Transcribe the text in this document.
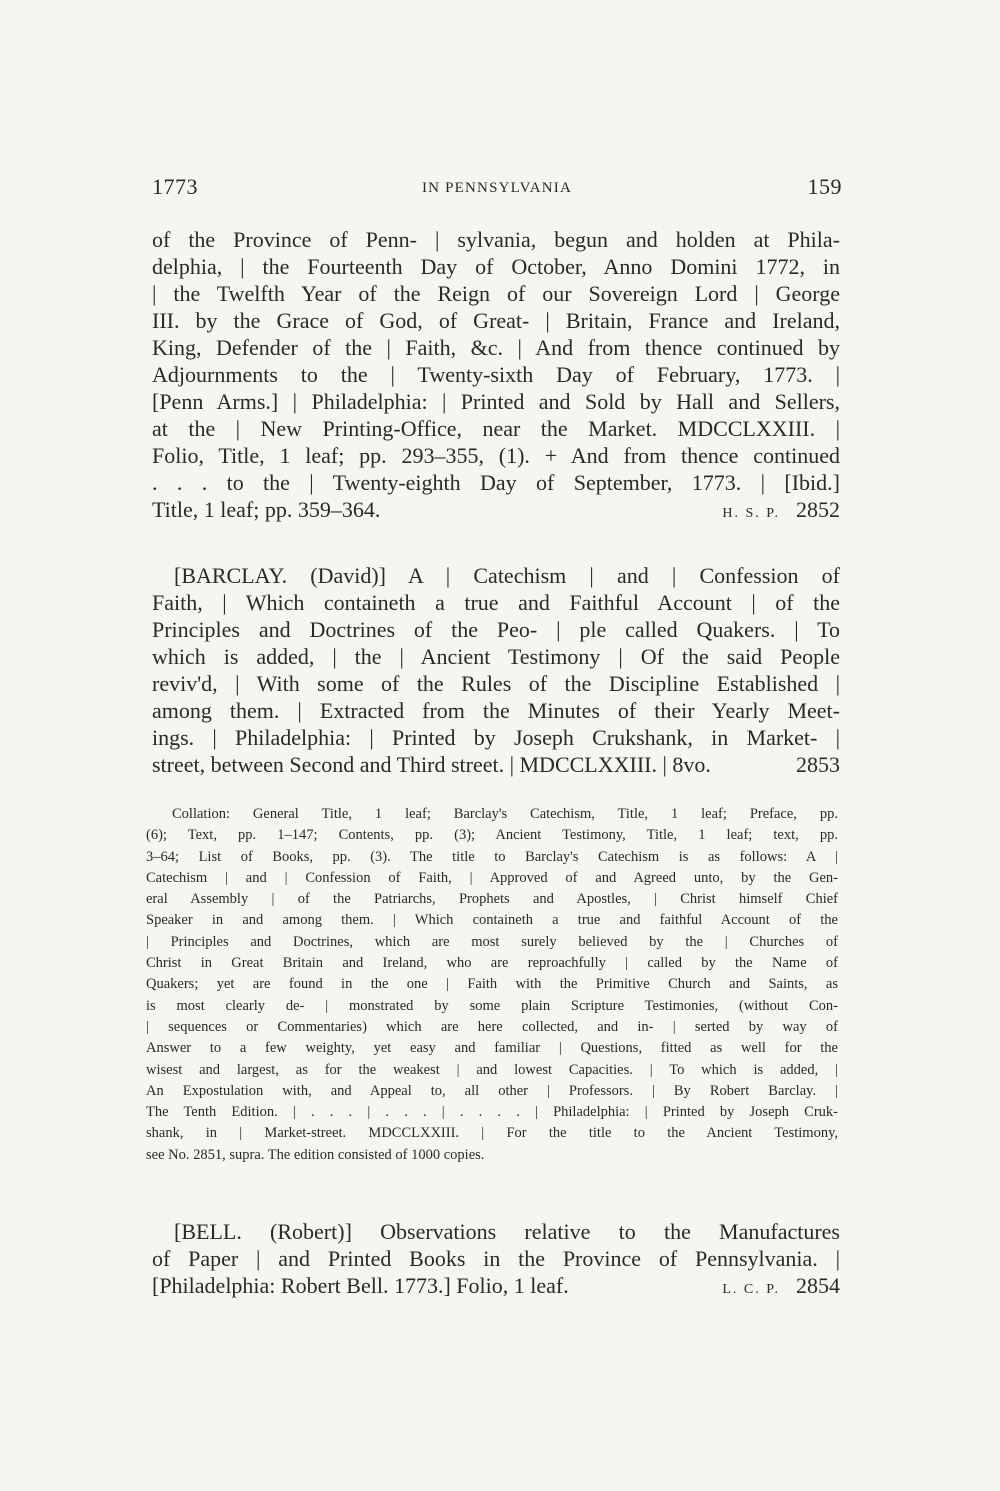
1773	IN PENNSYLVANIA	159
of the Province of Penn- | sylvania, begun and holden at Phila-
delphia, | the Fourteenth Day of October, Anno Domini 1772, in
| the Twelfth Year of the Reign of our Sovereign Lord | George
III. by the Grace of God, of Great- | Britain, France and Ireland,
King, Defender of the | Faith, &c. | And from thence continued by
Adjournments to the | Twenty-sixth Day of February, 1773. |
[Penn Arms.] | Philadelphia: | Printed and Sold by Hall and Sellers,
at the | New Printing-Office, near the Market. MDCCLXXIII. |
Folio, Title, 1 leaf; pp. 293–355, (1). + And from thence continued
. . . to the | Twenty-eighth Day of September, 1773. | [Ibid.]
Title, 1 leaf; pp. 359–364.	H. S. P. 2852
[BARCLAY. (David)] A | Catechism | and | Confession of
Faith, | Which containeth a true and Faithful Account | of the
Principles and Doctrines of the Peo- | ple called Quakers. | To
which is added, | the | Ancient Testimony | Of the said People
reviv'd, | With some of the Rules of the Discipline Established |
among them. | Extracted from the Minutes of their Yearly Meet-
ings. | Philadelphia: | Printed by Joseph Crukshank, in Market- |
street, between Second and Third street. | MDCCLXXIII. | 8vo.	2853
Collation: General Title, 1 leaf; Barclay's Catechism, Title, 1 leaf; Preface, pp.
(6); Text, pp. 1–147; Contents, pp. (3); Ancient Testimony, Title, 1 leaf; text, pp.
3–64; List of Books, pp. (3). The title to Barclay's Catechism is as follows: A |
Catechism | and | Confession of Faith, | Approved of and Agreed unto, by the Gen-
eral Assembly | of the Patriarchs, Prophets and Apostles, | Christ himself Chief
Speaker in and among them. | Which containeth a true and faithful Account of the
| Principles and Doctrines, which are most surely believed by the | Churches of
Christ in Great Britain and Ireland, who are reproachfully | called by the Name of
Quakers; yet are found in the one | Faith with the Primitive Church and Saints, as
is most clearly de- | monstrated by some plain Scripture Testimonies, (without Con-
| sequences or Commentaries) which are here collected, and in- | serted by way of
Answer to a few weighty, yet easy and familiar | Questions, fitted as well for the
wisest and largest, as for the weakest | and lowest Capacities. | To which is added, |
An Expostulation with, and Appeal to, all other | Professors. | By Robert Barclay. |
The Tenth Edition. | . . . | . . . | . . . . | Philadelphia: | Printed by Joseph Cruk-
shank, in | Market-street. MDCCLXXIII. | For the title to the Ancient Testimony,
see No. 2851, supra. The edition consisted of 1000 copies.
[BELL. (Robert)] Observations relative to the Manufactures
of Paper | and Printed Books in the Province of Pennsylvania. |
[Philadelphia: Robert Bell. 1773.] Folio, 1 leaf.	L. C. P. 2854
